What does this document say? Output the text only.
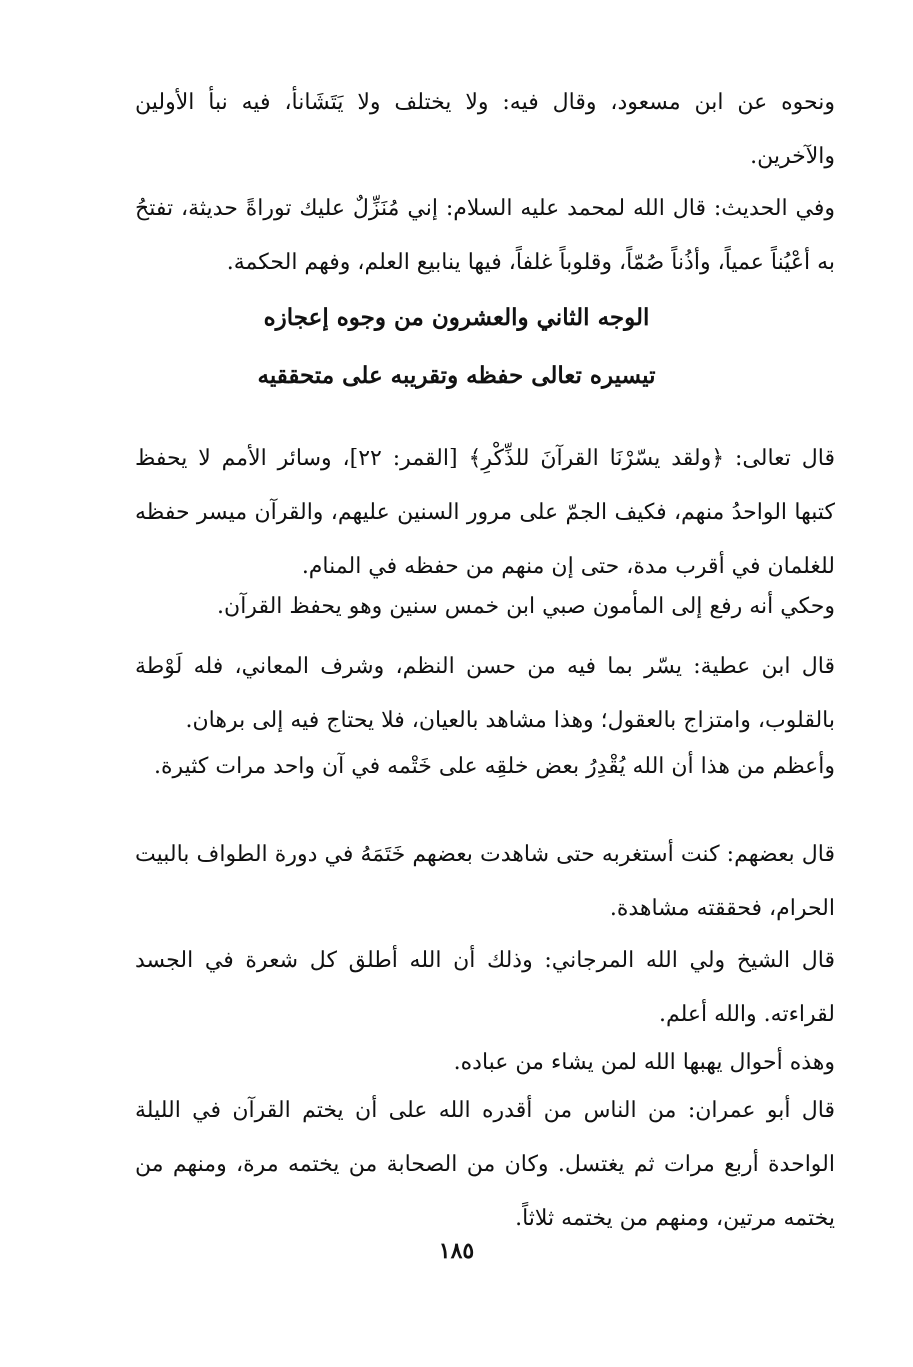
ونحوه عن ابن مسعود، وقال فيه: ولا يختلف ولا يَتَشَانأ، فيه نبأ الأولين والآخرين.

وفي الحديث: قال الله لمحمد عليه السلام: إني مُنَزِّلٌ عليك توراةً حديثة، تفتحُ به أعْيُناً عمياً، وأذُناً صُمّاً، وقلوباً غلفاً، فيها ينابيع العلم، وفهم الحكمة.

الوجه الثاني والعشرون من وجوه إعجازه
تيسيره تعالى حفظه وتقريبه على متحققيه

قال تعالى: ﴿ولقد يسّرْنَا القرآنَ للذِّكْرِ﴾ [القمر: ٢٢]، وسائر الأمم لا يحفظ كتبها الواحدُ منهم، فكيف الجمّ على مرور السنين عليهم، والقرآن ميسر حفظه للغلمان في أقرب مدة، حتى إن منهم من حفظه في المنام.

وحكي أنه رفع إلى المأمون صبي ابن خمس سنين وهو يحفظ القرآن.

قال ابن عطية: يسّر بما فيه من حسن النظم، وشرف المعاني، فله لَوْطة بالقلوب، وامتزاج بالعقول؛ وهذا مشاهد بالعيان، فلا يحتاج فيه إلى برهان.

وأعظم من هذا أن الله يُقْدِرُ بعض خلقِه على خَتْمه في آن واحد مرات كثيرة.

قال بعضهم: كنت أستغربه حتى شاهدت بعضهم خَتَمَهُ في دورة الطواف بالبيت الحرام، فحققته مشاهدة.

قال الشيخ ولي الله المرجاني: وذلك أن الله أطلق كل شعرة في الجسد لقراءته. والله أعلم.

وهذه أحوال يهبها الله لمن يشاء من عباده.

قال أبو عمران: من الناس من أقدره الله على أن يختم القرآن في الليلة الواحدة أربع مرات ثم يغتسل. وكان من الصحابة من يختمه مرة، ومنهم من يختمه مرتين، ومنهم من يختمه ثلاثاً.

١٨٥
